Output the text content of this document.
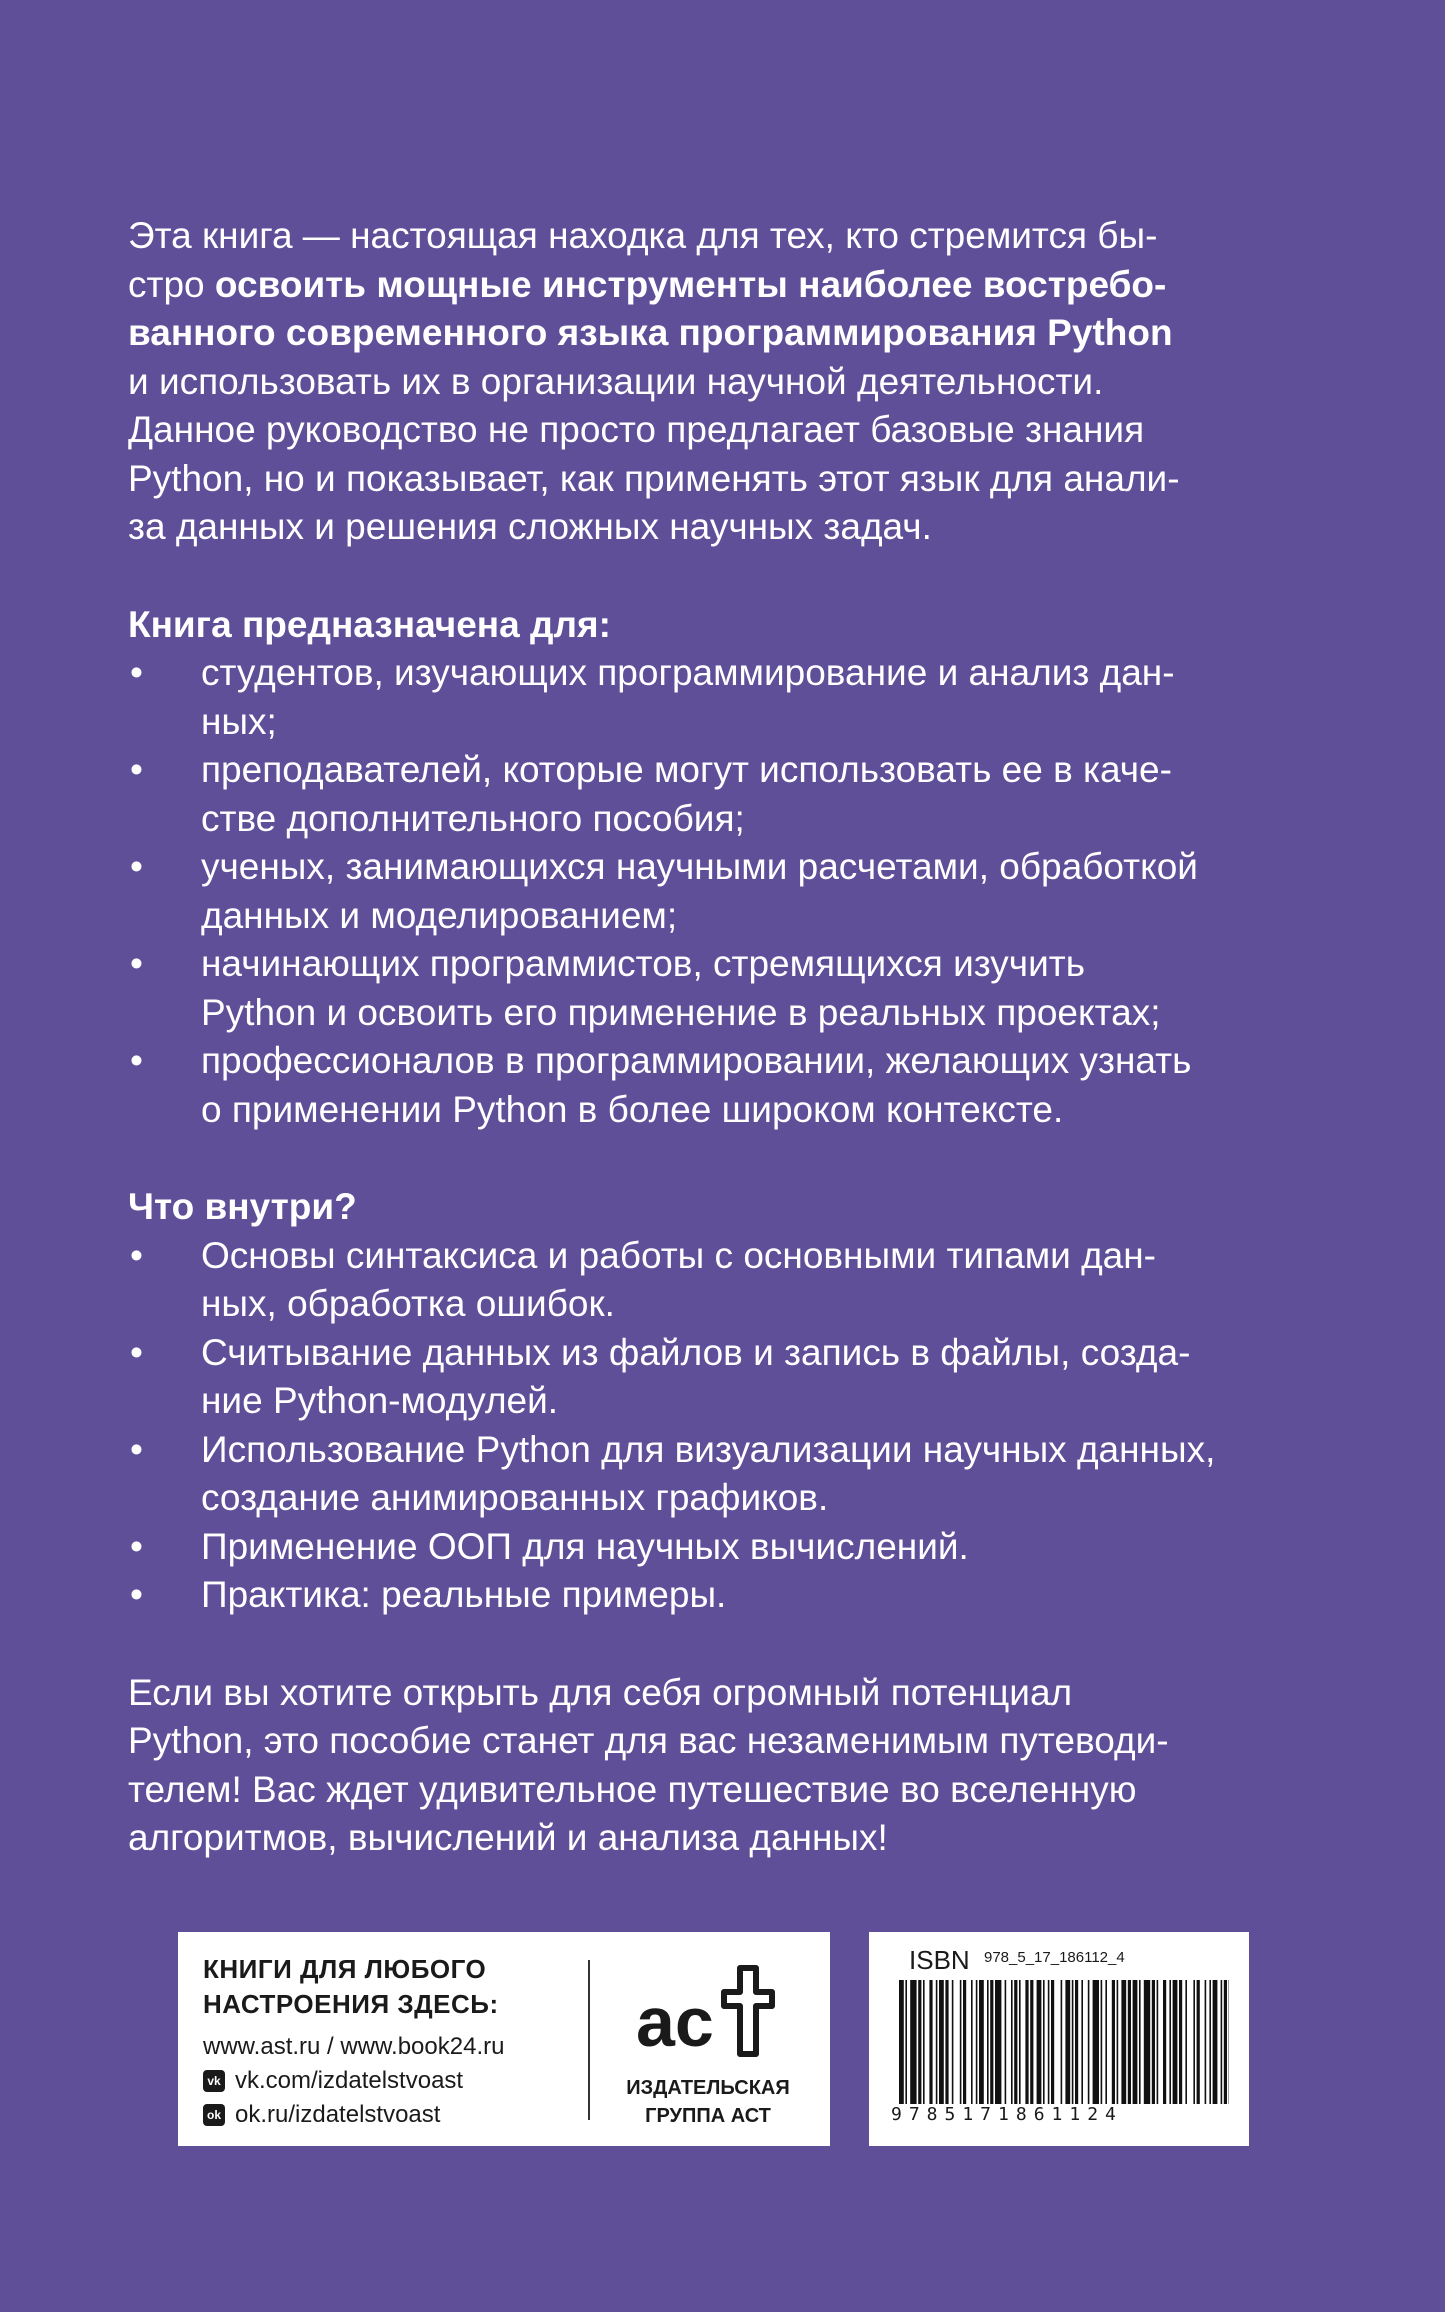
Эта книга — настоящая находка для тех, кто стремится бы-
стро освоить мощные инструменты наиболее востребо-
ванного современного языка программирования Python
и использовать их в организации научной деятельности.
Данное руководство не просто предлагает базовые знания
Python, но и показывает, как применять этот язык для анали-
за данных и решения сложных научных задач.

Книга предназначена для:
• студентов, изучающих программирование и анализ дан-
ных;
• преподавателей, которые могут использовать ее в каче-
стве дополнительного пособия;
• ученых, занимающихся научными расчетами, обработкой
данных и моделированием;
• начинающих программистов, стремящихся изучить
Python и освоить его применение в реальных проектах;
• профессионалов в программировании, желающих узнать
о применении Python в более широком контексте.
Что внутри?
• Основы синтаксиса и работы с основными типами дан-
ных, обработка ошибок.
• Считывание данных из файлов и запись в файлы, созда-
ние Python-модулей.
• Использование Python для визуализации научных данных,
создание анимированных графиков.
• Применение ООП для научных вычислений.
• Практика: реальные примеры.

Если вы хотите открыть для себя огромный потенциал
Python, это пособие станет для вас незаменимым путеводи-
телем! Вас ждет удивительное путешествие во вселенную
алгоритмов, вычислений и анализа данных!

КНИГИ ДЛЯ ЛЮБОГО
НАСТРОЕНИЯ ЗДЕСЬ:
www.ast.ru / www.book24.ru
vk vk.com/izdatelstvoast
ok ok.ru/izdatelstvoast
ac
ИЗДАТЕЛЬСКАЯ
ГРУППА АСТ
ISBN 978_5_17_186112_4
9785171861124
